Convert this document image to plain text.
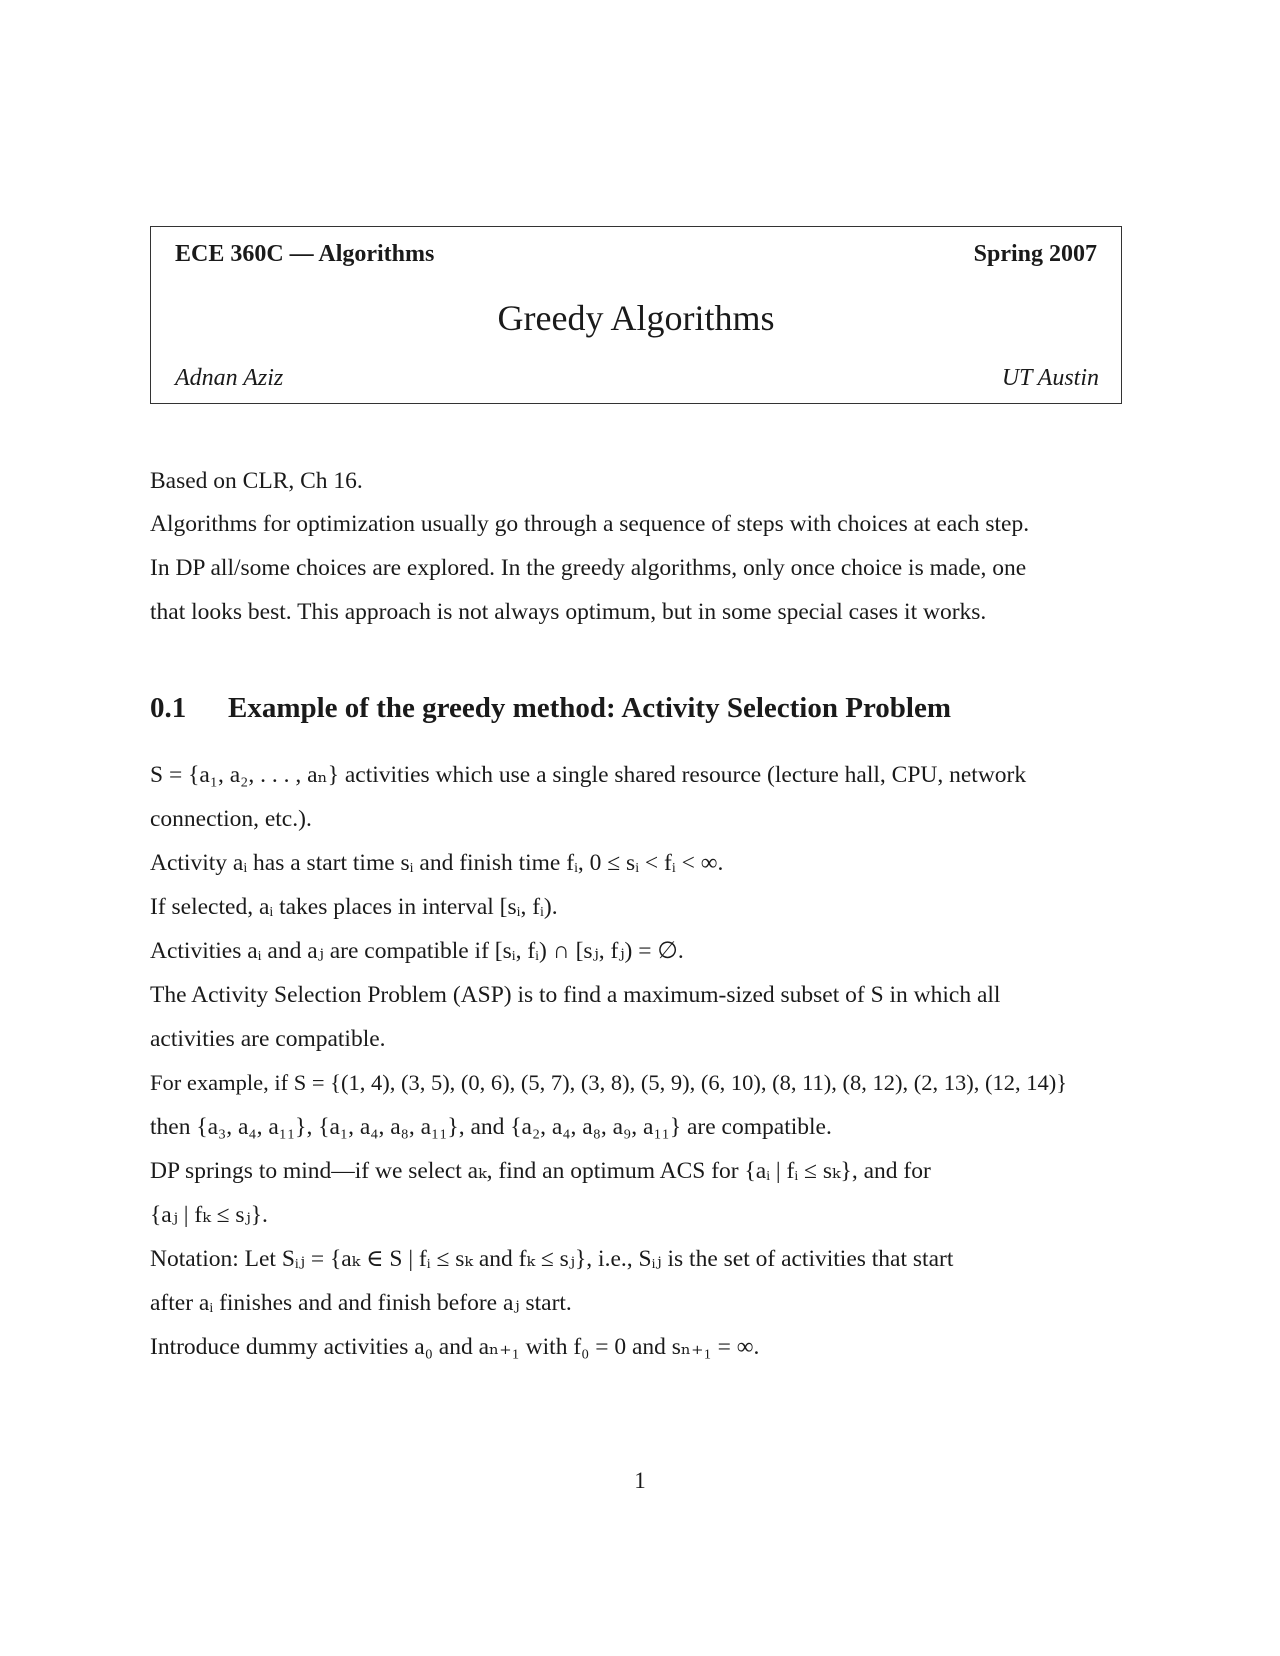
ECE 360C — Algorithms	Spring 2007
Greedy Algorithms
Adnan Aziz	UT Austin
Based on CLR, Ch 16.
Algorithms for optimization usually go through a sequence of steps with choices at each step.
In DP all/some choices are explored. In the greedy algorithms, only once choice is made, one
that looks best. This approach is not always optimum, but in some special cases it works.
0.1 Example of the greedy method: Activity Selection Problem
S = {a₁, a₂, . . . , aₙ} activities which use a single shared resource (lecture hall, CPU, network
connection, etc.).
Activity aᵢ has a start time sᵢ and finish time fᵢ, 0 ≤ sᵢ < fᵢ < ∞.
If selected, aᵢ takes places in interval [sᵢ, fᵢ).
Activities aᵢ and aⱼ are compatible if [sᵢ, fᵢ) ∩ [sⱼ, fⱼ) = ∅.
The Activity Selection Problem (ASP) is to find a maximum-sized subset of S in which all
activities are compatible.
For example, if S = {(1, 4), (3, 5), (0, 6), (5, 7), (3, 8), (5, 9), (6, 10), (8, 11), (8, 12), (2, 13), (12, 14)}
then {a₃, a₄, a₁₁}, {a₁, a₄, a₈, a₁₁}, and {a₂, a₄, a₈, a₉, a₁₁} are compatible.
DP springs to mind—if we select aₖ, find an optimum ACS for {aᵢ | fᵢ ≤ sₖ}, and for
{aⱼ | fₖ ≤ sⱼ}.
Notation: Let Sᵢⱼ = {aₖ ∈ S | fᵢ ≤ sₖ and fₖ ≤ sⱼ}, i.e., Sᵢⱼ is the set of activities that start
after aᵢ finishes and and finish before aⱼ start.
Introduce dummy activities a₀ and aₙ₊₁ with f₀ = 0 and sₙ₊₁ = ∞.
1
